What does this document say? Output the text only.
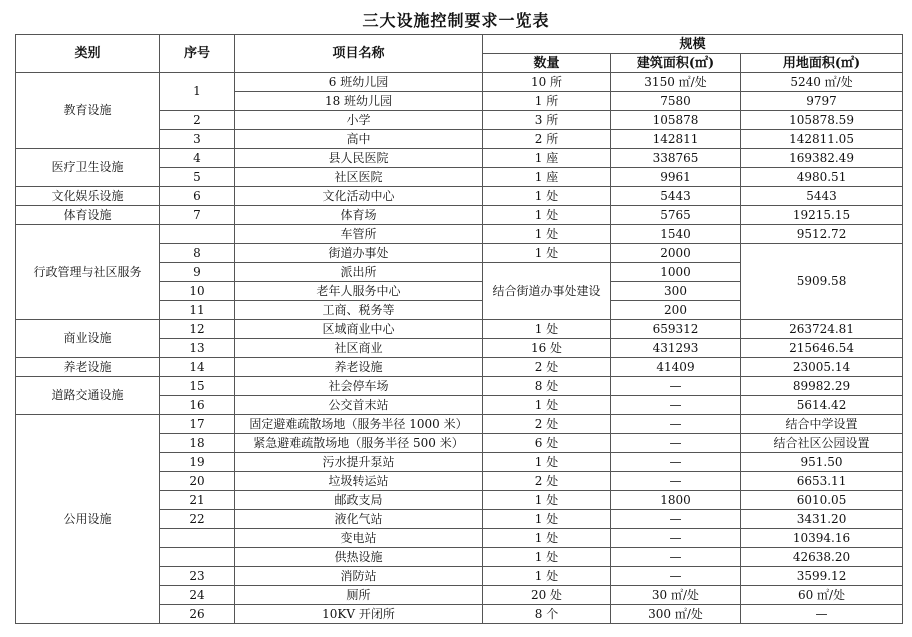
三大设施控制要求一览表
类别	序号	项目名称	规模		
			数量	建筑面积(㎡)	用地面积(㎡)
教育设施	1	6 班幼儿园	10 所	3150 ㎡/处	5240 ㎡/处
		18 班幼儿园	1 所	7580	9797
	2	小学	3 所	105878	105878.59
	3	高中	2 所	142811	142811.05
医疗卫生设施	4	县人民医院	1 座	338765	169382.49
	5	社区医院	1 座	9961	4980.51
文化娱乐设施	6	文化活动中心	1 处	5443	5443
体育设施	7	体育场	1 处	5765	19215.15
行政管理与社区服务		车管所	1 处	1540	9512.72
	8	街道办事处	1 处	2000	5909.58
	9	派出所	结合街道办事处建设	1000	
	10	老年人服务中心		300	
	11	工商、税务等		200	
商业设施	12	区域商业中心	1 处	659312	263724.81
	13	社区商业	16 处	431293	215646.54
养老设施	14	养老设施	2 处	41409	23005.14
道路交通设施	15	社会停车场	8 处	—	89982.29
	16	公交首末站	1 处	—	5614.42
公用设施	17	固定避难疏散场地（服务半径 1000 米）	2 处	—	结合中学设置
	18	紧急避难疏散场地（服务半径 500 米）	6 处	—	结合社区公园设置
	19	污水提升泵站	1 处	—	951.50
	20	垃圾转运站	2 处	—	6653.11
	21	邮政支局	1 处	1800	6010.05
	22	液化气站	1 处	—	3431.20
		变电站	1 处	—	10394.16
		供热设施	1 处	—	42638.20
	23	消防站	1 处	—	3599.12
	24	厕所	20 处	30 ㎡/处	60 ㎡/处
	26	10KV 开闭所	8 个	300 ㎡/处	—
